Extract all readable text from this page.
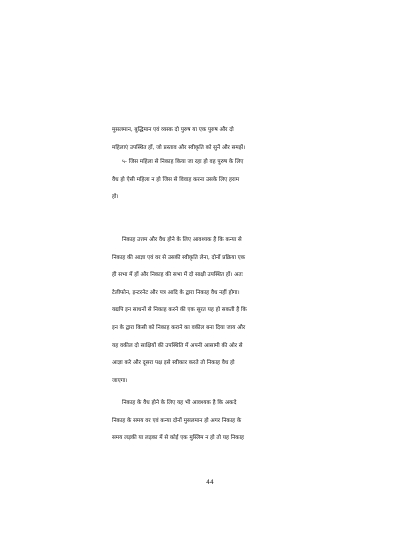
मुसलमान, बुद्धिमान एवं व्यस्क दो पुरुष या एक पुरुष और दो
महिलाएं उपस्थित हों, जो प्रस्ताव और स्वीकृति को सुनें और समझें।
५- जिस महिला से निकाह किया जा रहा हो वह पुरुष के लिए
वैध हो ऐसी महिला न हो जिस से विवाह करना उसके लिए हराम
हो।
निकाह उत्तम और वैध होने के लिए आवश्यक है कि कन्या से
निकाह की आज्ञा एवं वर से उसकी स्वीकृति लेना, दोनों प्रक्रिया एक
ही सभा में हों और निकाह की सभा में दो साक्षी उपस्थित हों। अतः
टेलीफोन, इन्टरनेट और पत्र आदि के द्वारा निकाह वैध नहीं होगा।
यद्यपि इन साधनों से निकाह करने की एक सूरत यह हो सकती है कि
इन के द्वारा किसी को निकाह कराने का वकील बना दिया जाय और
यह वकील दो साक्षियों की उपस्थिति में अपनी आसामी की ओर से
आज्ञा करे और दूसरा पक्ष इसे स्वीकार करते तो निकाह वैध हो
जाएगा।
निकाह के वैध होने के लिए यह भी आवश्यक है कि अकदे
निकाह के समय वर एवं कन्या दोनों मुसलमान हो अगर निकाह के
समय लड़की या लड़का में से कोई एक मुस्लिम न हो तो यह निकाह
44
